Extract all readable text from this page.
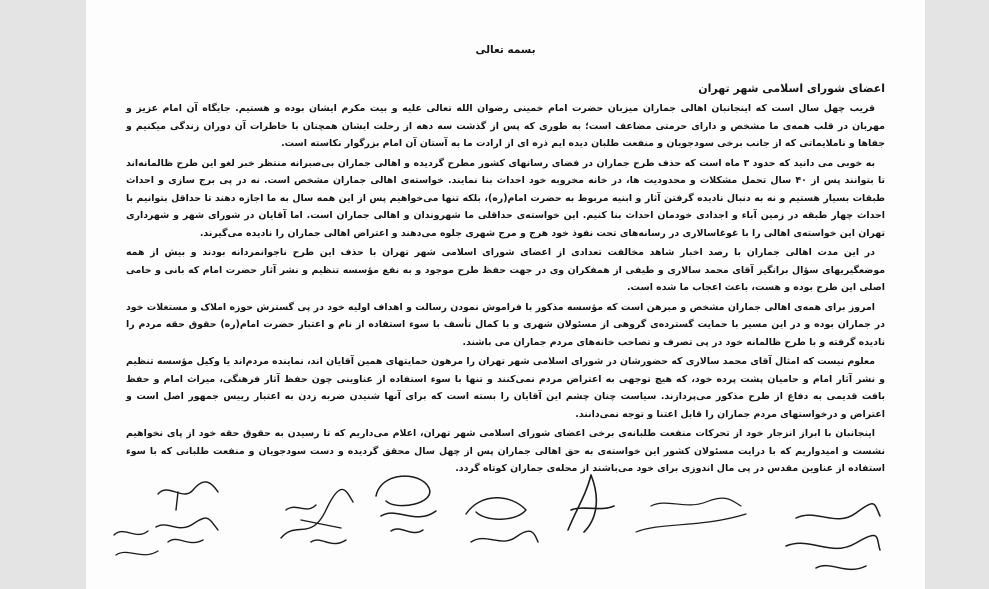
بسمه تعالی
اعضای شورای اسلامی شهر تهران

قریب چهل سال است که اینجانبان اهالی جماران میزبان حضرت امام خمینی رضوان الله تعالی علیه و بیت مکرم ایشان بوده و هستیم. جایگاه آن امام عزیز و مهربان در قلب همه‌ی ما مشخص و دارای حرمتی مضاعف است؛ به طوری که پس از گذشت سه دهه از رحلت ایشان همچنان با خاطرات آن دوران زندگی میکنیم و جفاها و ناملایماتی که از جانب برخی سودجویان و منفعت طلبان دیده ایم ذره ای از ارادت ما به آستان آن امام بزرگوار نکاسته است.

به خوبی می دانید که حدود ۳ ماه است که حذف طرح جماران در فضای رسانهای کشور مطرح گردیده و اهالی جماران بی‌صبرانه منتظر خبر لغو این طرح ظالمانه‌اند تا بتوانند پس از ۴۰ سال تحمل مشکلات و محدودیت ها، در خانه مخروبه خود احداث بنا نمایند. خواسته‌ی اهالی جماران مشخص است. نه در پی برج سازی و احداث طبقات بسیار هستیم و نه به دنبال نادیده گرفتن آثار و ابنیه مربوط به حضرت امام(ره)، بلکه تنها می‌خواهیم پس از این همه سال به ما اجازه دهند تا حداقل بتوانیم با احداث چهار طبقه در زمین آباء و اجدادی خودمان احداث بنا کنیم. این خواسته‌ی حداقلی ما شهروندان و اهالی جماران است. اما آقایان در شورای شهر و شهرداری تهران این خواسته‌ی اهالی را با غوغاسالاری در رسانه‌های تحت نفوذ خود هرج و مرج شهری جلوه می‌دهند و اعتراض اهالی جماران را نادیده می‌گیرند.

در این مدت اهالی جماران با رصد اخبار شاهد مخالفت تعدادی از اعضای شورای اسلامی شهر تهران با حذف این طرح ناجوانمردانه بودند و بیش از همه موضعگیریهای سؤال برانگیز آقای محمد سالاری و طیفی از همفکران وی در جهت حفظ طرح موجود و به نفع مؤسسه تنظیم و نشر آثار حضرت امام که بانی و حامی اصلی این طرح بوده و هست، باعث اعجاب ما شده است.

امروز برای همه‌ی اهالی جماران مشخص و مبرهن است که مؤسسه مذکور با فراموش نمودن رسالت و اهداف اولیه خود در پی گسترش حوزه املاک و مستغلات خود در جماران بوده و در این مسیر با حمایت گسترده‌ی گروهی از مسئولان شهری و با کمال تأسف با سوء استفاده از نام و اعتبار حضرت امام(ره) حقوق حقه مردم را نادیده گرفته و با طرح ظالمانه خود در پی تصرف و تصاحب خانه‌های مردم جماران می باشند.

معلوم نیست که امثال آقای محمد سالاری که حضورشان در شورای اسلامی شهر تهران را مرهون حمایتهای همین آقایان اند، نماینده مردم‌اند یا وکیل مؤسسه تنظیم و نشر آثار امام و حامیان پشت پرده خود، که هیچ توجهی به اعتراض مردم نمی‌کنند و تنها با سوء استفاده از عناوینی چون حفظ آثار فرهنگی، میراث امام و حفظ بافت قدیمی به دفاع از طرح مذکور می‌پردازند. سیاست چنان چشم این آقایان را بسته است که برای آنها شنیدن ضربه زدن به اعتبار رییس جمهور اصل است و اعتراض و درخواستهای مردم جماران را قابل اعتنا و توجه نمی‌دانند.

اینجانبان با ابراز انزجار خود از تحرکات منفعت طلبانه‌ی برخی اعضای شورای اسلامی شهر تهران، اعلام می‌داریم که تا رسیدن به حقوق حقه خود از پای نخواهیم نشست و امیدواریم که با درایت مسئولان کشور این خواسته‌ی به حق اهالی جماران پس از چهل سال محقق گردیده و دست سودجویان و منفعت طلبانی که با سوء استفاده از عناوین مقدس در پی مال اندوزی برای خود می‌باشند از محله‌ی جماران کوتاه گردد.
